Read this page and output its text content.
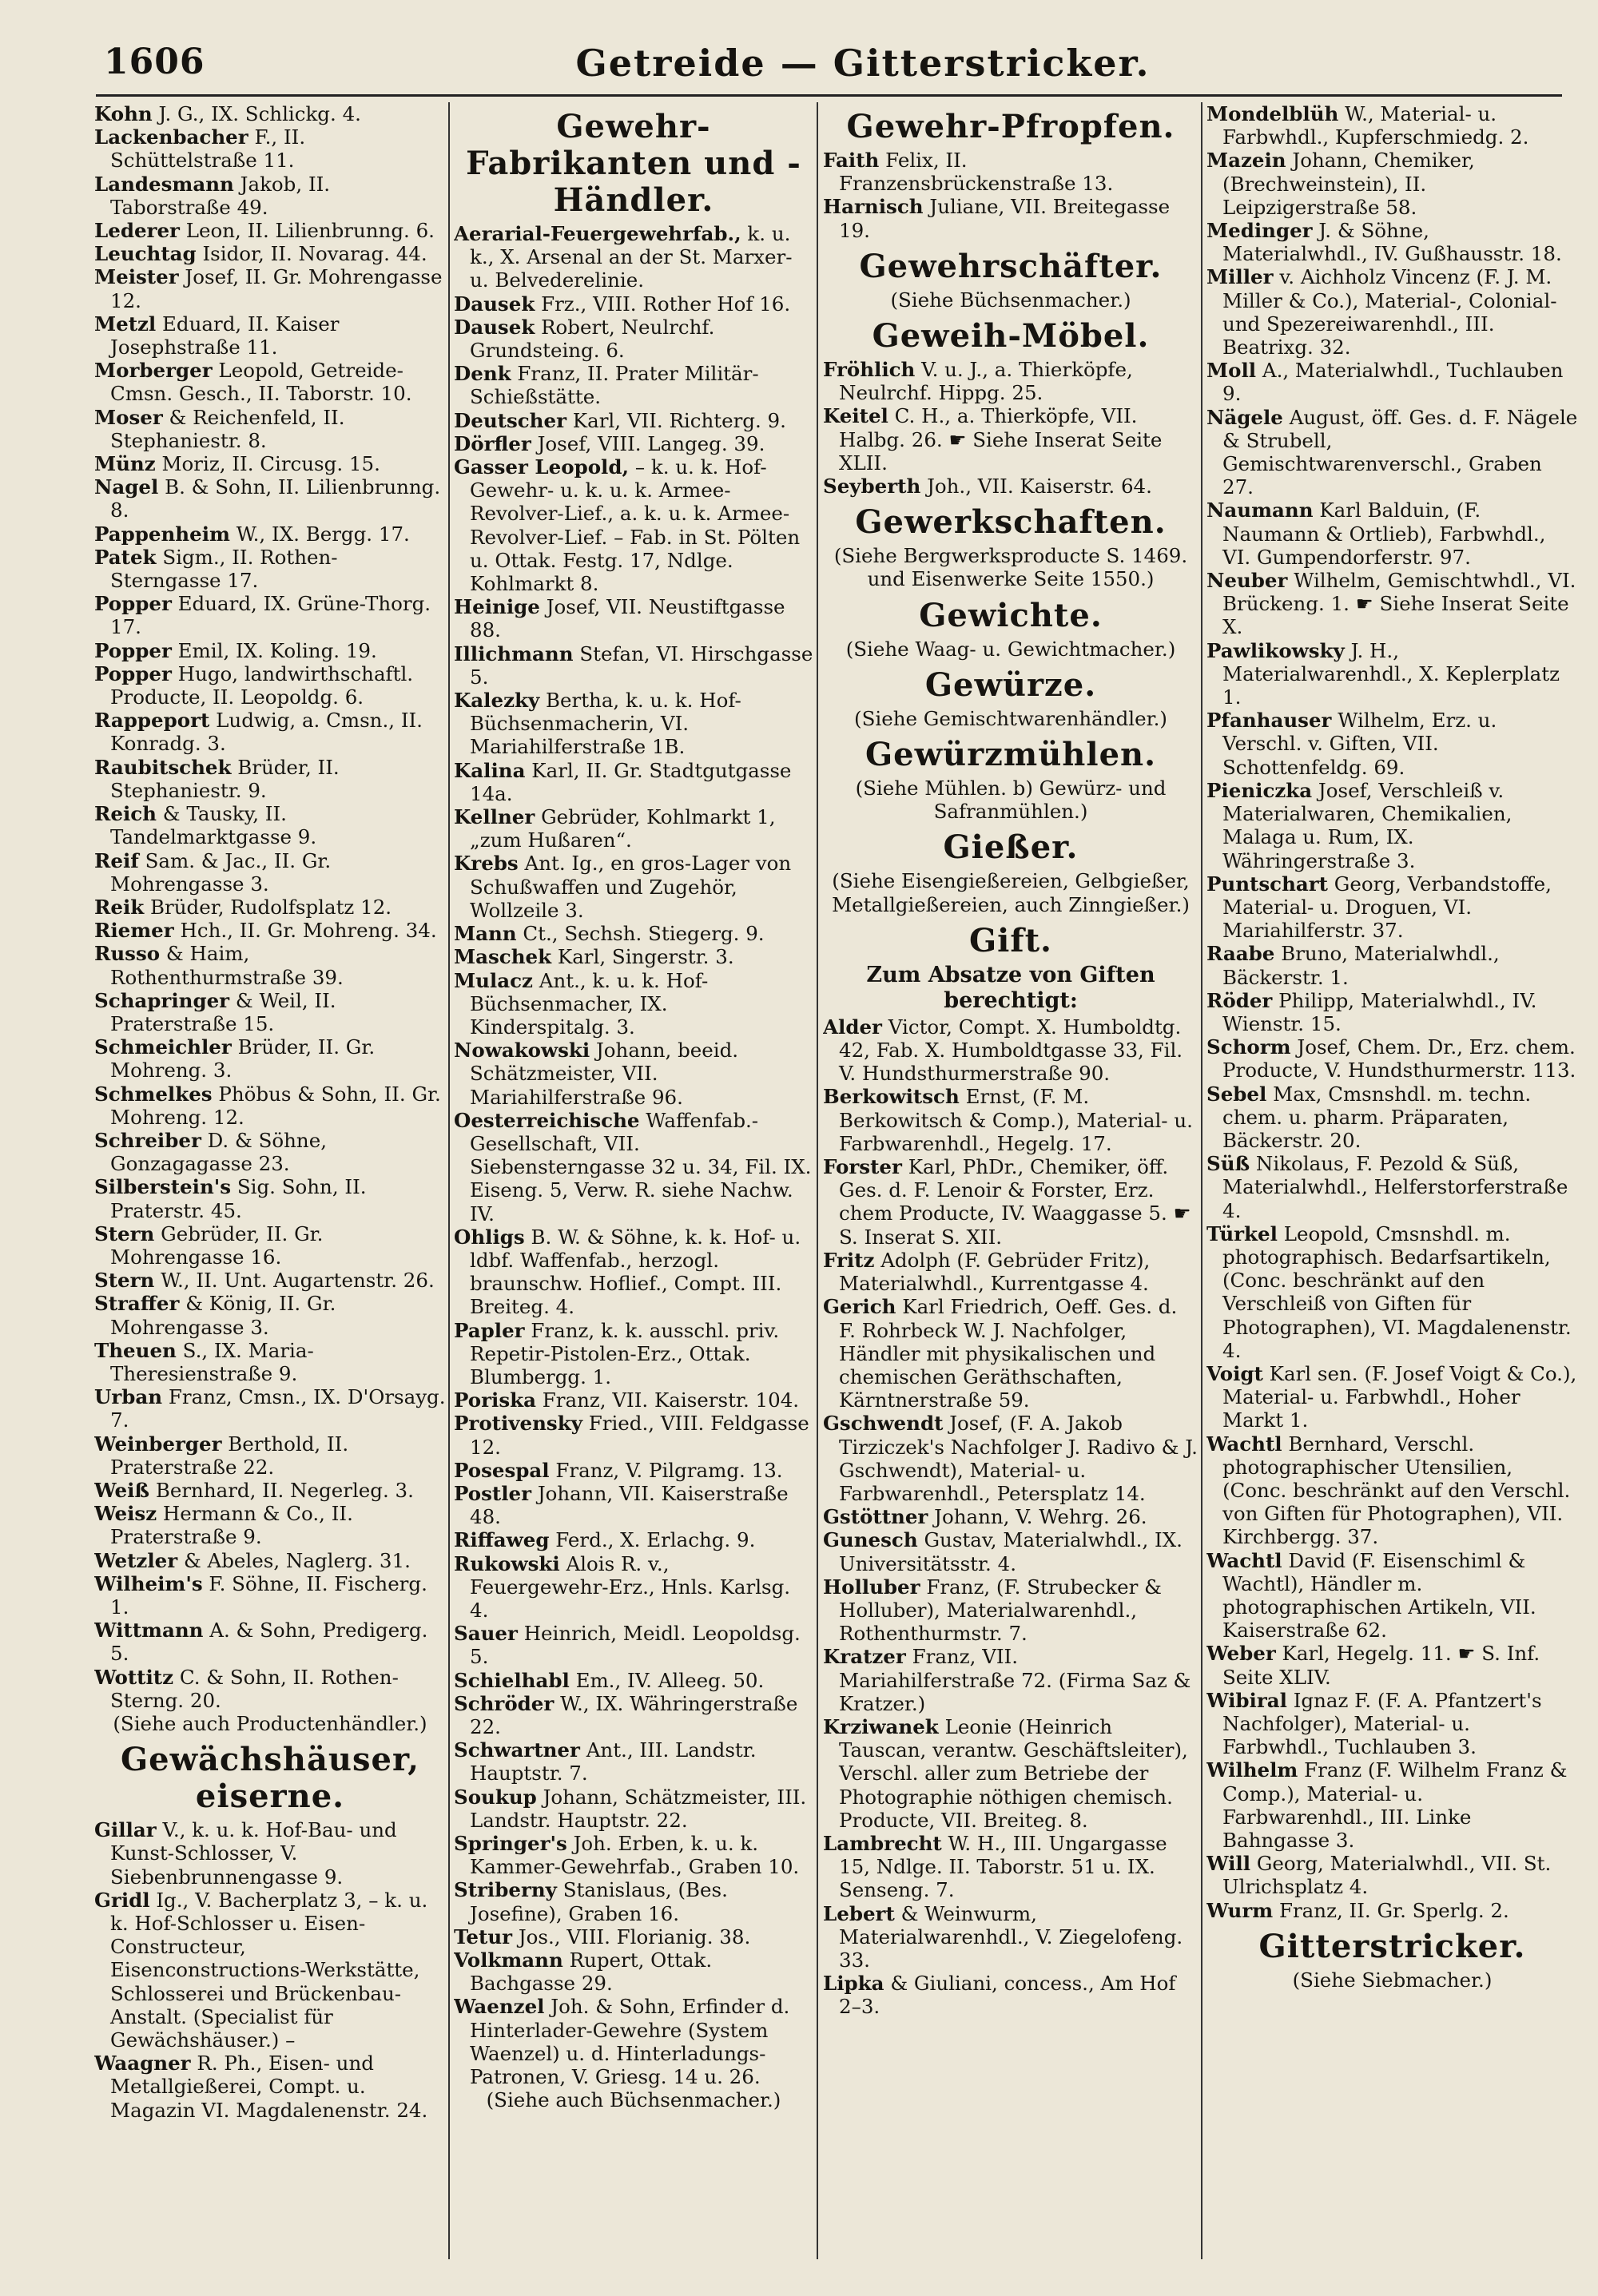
1606	Getreide — Gitterstricker.

Kohn J. G., IX. Schlickg. 4.

Lackenbacher F., II. Schüttelstraße 11.

Landesmann Jakob, II. Taborstraße 49.

Lederer Leon, II. Lilienbrunng. 6.

Leuchtag Isidor, II. Novarag. 44.

Meister Josef, II. Gr. Mohrengasse 12.

Metzl Eduard, II. Kaiser Josephstraße 11.

Morberger Leopold, Getreide-Cmsn. Gesch., II. Taborstr. 10.

Moser & Reichenfeld, II. Stephaniestr. 8.

Münz Moriz, II. Circusg. 15.

Nagel B. & Sohn, II. Lilienbrunng. 8.

Pappenheim W., IX. Bergg. 17.

Patek Sigm., II. Rothen-Sterngasse 17.

Popper Eduard, IX. Grüne-Thorg. 17.

Popper Emil, IX. Koling. 19.

Popper Hugo, landwirthschaftl. Producte, II. Leopoldg. 6.

Rappeport Ludwig, a. Cmsn., II. Konradg. 3.

Raubitschek Brüder, II. Stephaniestr. 9.

Reich & Tausky, II. Tandelmarktgasse 9.

Reif Sam. & Jac., II. Gr. Mohrengasse 3.

Reik Brüder, Rudolfsplatz 12.

Riemer Hch., II. Gr. Mohreng. 34.

Russo & Haim, Rothenthurmstraße 39.

Schapringer & Weil, II. Praterstraße 15.

Schmeichler Brüder, II. Gr. Mohreng. 3.

Schmelkes Phöbus & Sohn, II. Gr. Mohreng. 12.

Schreiber D. & Söhne, Gonzagagasse 23.

Silberstein's Sig. Sohn, II. Praterstr. 45.

Stern Gebrüder, II. Gr. Mohrengasse 16.

Stern W., II. Unt. Augartenstr. 26.

Straffer & König, II. Gr. Mohrengasse 3.

Theuen S., IX. Maria-Theresienstraße 9.

Urban Franz, Cmsn., IX. D'Orsayg. 7.

Weinberger Berthold, II. Praterstraße 22.

Weiß Bernhard, II. Negerleg. 3.

Weisz Hermann & Co., II. Praterstraße 9.

Wetzler & Abeles, Naglerg. 31.

Wilheim's F. Söhne, II. Fischerg. 1.

Wittmann A. & Sohn, Predigerg. 5.

Wottitz C. & Sohn, II. Rothen-Sterng. 20.

(Siehe auch Productenhändler.)
Gewächshäuser, eiserne.

Gillar V., k. u. k. Hof-Bau- und Kunst-Schlosser, V. Siebenbrunnengasse 9.

Gridl Ig., V. Bacherplatz 3, – k. u. k. Hof-Schlosser u. Eisen-Constructeur, Eisenconstructions-Werkstätte, Schlosserei und Brückenbau-Anstalt. (Specialist für Gewächshäuser.) –

Waagner R. Ph., Eisen- und Metallgießerei, Compt. u. Magazin VI. Magdalenenstr. 24.

Gewehr-Fabrikanten und -Händler.

Aerarial-Feuergewehrfab., k. u. k., X. Arsenal an der St. Marxer- u. Belvederelinie.

Dausek Frz., VIII. Rother Hof 16.

Dausek Robert, Neulrchf. Grundsteing. 6.

Denk Franz, II. Prater Militär-Schießstätte.

Deutscher Karl, VII. Richterg. 9.

Dörfler Josef, VIII. Langeg. 39.

Gasser Leopold, – k. u. k. Hof-Gewehr- u. k. u. k. Armee-Revolver-Lief., a. k. u. k. Armee-Revolver-Lief. – Fab. in St. Pölten u. Ottak. Festg. 17, Ndlge. Kohlmarkt 8.

Heinige Josef, VII. Neustiftgasse 88.

Illichmann Stefan, VI. Hirschgasse 5.

Kalezky Bertha, k. u. k. Hof-Büchsenmacherin, VI. Mariahilferstraße 1B.

Kalina Karl, II. Gr. Stadtgutgasse 14a.

Kellner Gebrüder, Kohlmarkt 1, „zum Hußaren“.

Krebs Ant. Ig., en gros-Lager von Schußwaffen und Zugehör, Wollzeile 3.

Mann Ct., Sechsh. Stiegerg. 9.

Maschek Karl, Singerstr. 3.

Mulacz Ant., k. u. k. Hof-Büchsenmacher, IX. Kinderspitalg. 3.

Nowakowski Johann, beeid. Schätzmeister, VII. Mariahilferstraße 96.

Oesterreichische Waffenfab.-Gesellschaft, VII. Siebensterngasse 32 u. 34, Fil. IX. Eiseng. 5, Verw. R. siehe Nachw. IV.

Ohligs B. W. & Söhne, k. k. Hof- u. ldbf. Waffenfab., herzogl. braunschw. Hoflief., Compt. III. Breiteg. 4.

Papler Franz, k. k. ausschl. priv. Repetir-Pistolen-Erz., Ottak. Blumbergg. 1.

Poriska Franz, VII. Kaiserstr. 104.

Protivensky Fried., VIII. Feldgasse 12.

Posespal Franz, V. Pilgramg. 13.

Postler Johann, VII. Kaiserstraße 48.

Riffaweg Ferd., X. Erlachg. 9.

Rukowski Alois R. v., Feuergewehr-Erz., Hnls. Karlsg. 4.

Sauer Heinrich, Meidl. Leopoldsg. 5.

Schielhabl Em., IV. Alleeg. 50.

Schröder W., IX. Währingerstraße 22.

Schwartner Ant., III. Landstr. Hauptstr. 7.

Soukup Johann, Schätzmeister, III. Landstr. Hauptstr. 22.

Springer's Joh. Erben, k. u. k. Kammer-Gewehrfab., Graben 10.

Striberny Stanislaus, (Bes. Josefine), Graben 16.

Tetur Jos., VIII. Florianig. 38.

Volkmann Rupert, Ottak. Bachgasse 29.

Waenzel Joh. & Sohn, Erfinder d. Hinterlader-Gewehre (System Waenzel) u. d. Hinterladungs-Patronen, V. Griesg. 14 u. 26.

(Siehe auch Büchsenmacher.)
Gewehr-Pfropfen.

Faith Felix, II. Franzensbrückenstraße 13.

Harnisch Juliane, VII. Breitegasse 19.

Gewehrschäfter.
(Siehe Büchsenmacher.)
Geweih-Möbel.

Fröhlich V. u. J., a. Thierköpfe, Neulrchf. Hippg. 25.

Keitel C. H., a. Thierköpfe, VII. Halbg. 26. ☛ Siehe Inserat Seite XLII.

Seyberth Joh., VII. Kaiserstr. 64.

Gewerkschaften.
(Siehe Bergwerksproducte S. 1469. und Eisenwerke Seite 1550.)
Gewichte.
(Siehe Waag- u. Gewichtmacher.)
Gewürze.
(Siehe Gemischtwarenhändler.)
Gewürzmühlen.
(Siehe Mühlen. b) Gewürz- und Safranmühlen.)
Gießer.
(Siehe Eisengießereien, Gelbgießer, Metallgießereien, auch Zinngießer.)
Gift.
Zum Absatze von Giften berechtigt:

Alder Victor, Compt. X. Humboldtg. 42, Fab. X. Humboldtgasse 33, Fil. V. Hundsthurmerstraße 90.

Berkowitsch Ernst, (F. M. Berkowitsch & Comp.), Material- u. Farbwarenhdl., Hegelg. 17.

Forster Karl, PhDr., Chemiker, öff. Ges. d. F. Lenoir & Forster, Erz. chem Producte, IV. Waaggasse 5. ☛ S. Inserat S. XII.

Fritz Adolph (F. Gebrüder Fritz), Materialwhdl., Kurrentgasse 4.

Gerich Karl Friedrich, Oeff. Ges. d. F. Rohrbeck W. J. Nachfolger, Händler mit physikalischen und chemischen Geräthschaften, Kärntnerstraße 59.

Gschwendt Josef, (F. A. Jakob Tirziczek's Nachfolger J. Radivo & J. Gschwendt), Material- u. Farbwarenhdl., Petersplatz 14.

Gstöttner Johann, V. Wehrg. 26.

Gunesch Gustav, Materialwhdl., IX. Universitätsstr. 4.

Holluber Franz, (F. Strubecker & Holluber), Materialwarenhdl., Rothenthurmstr. 7.

Kratzer Franz, VII. Mariahilferstraße 72. (Firma Saz & Kratzer.)

Krziwanek Leonie (Heinrich Tauscan, verantw. Geschäftsleiter), Verschl. aller zum Betriebe der Photographie nöthigen chemisch. Producte, VII. Breiteg. 8.

Lambrecht W. H., III. Ungargasse 15, Ndlge. II. Taborstr. 51 u. IX. Senseng. 7.

Lebert & Weinwurm, Materialwarenhdl., V. Ziegelofeng. 33.

Lipka & Giuliani, concess., Am Hof 2–3.

Mondelblüh W., Material- u. Farbwhdl., Kupferschmiedg. 2.

Mazein Johann, Chemiker, (Brechweinstein), II. Leipzigerstraße 58.

Medinger J. & Söhne, Materialwhdl., IV. Gußhausstr. 18.

Miller v. Aichholz Vincenz (F. J. M. Miller & Co.), Material-, Colonial- und Spezereiwarenhdl., III. Beatrixg. 32.

Moll A., Materialwhdl., Tuchlauben 9.

Nägele August, öff. Ges. d. F. Nägele & Strubell, Gemischtwarenverschl., Graben 27.

Naumann Karl Balduin, (F. Naumann & Ortlieb), Farbwhdl., VI. Gumpendorferstr. 97.

Neuber Wilhelm, Gemischtwhdl., VI. Brückeng. 1. ☛ Siehe Inserat Seite X.

Pawlikowsky J. H., Materialwarenhdl., X. Keplerplatz 1.

Pfanhauser Wilhelm, Erz. u. Verschl. v. Giften, VII. Schottenfeldg. 69.

Pieniczka Josef, Verschleiß v. Materialwaren, Chemikalien, Malaga u. Rum, IX. Währingerstraße 3.

Puntschart Georg, Verbandstoffe, Material- u. Droguen, VI. Mariahilferstr. 37.

Raabe Bruno, Materialwhdl., Bäckerstr. 1.

Röder Philipp, Materialwhdl., IV. Wienstr. 15.

Schorm Josef, Chem. Dr., Erz. chem. Producte, V. Hundsthurmerstr. 113.

Sebel Max, Cmsnshdl. m. techn. chem. u. pharm. Präparaten, Bäckerstr. 20.

Süß Nikolaus, F. Pezold & Süß, Materialwhdl., Helferstorferstraße 4.

Türkel Leopold, Cmsnshdl. m. photographisch. Bedarfsartikeln, (Conc. beschränkt auf den Verschleiß von Giften für Photographen), VI. Magdalenenstr. 4.

Voigt Karl sen. (F. Josef Voigt & Co.), Material- u. Farbwhdl., Hoher Markt 1.

Wachtl Bernhard, Verschl. photographischer Utensilien, (Conc. beschränkt auf den Verschl. von Giften für Photographen), VII. Kirchbergg. 37.

Wachtl David (F. Eisenschiml & Wachtl), Händler m. photographischen Artikeln, VII. Kaiserstraße 62.

Weber Karl, Hegelg. 11. ☛ S. Inf. Seite XLIV.

Wibiral Ignaz F. (F. A. Pfantzert's Nachfolger), Material- u. Farbwhdl., Tuchlauben 3.

Wilhelm Franz (F. Wilhelm Franz & Comp.), Material- u. Farbwarenhdl., III. Linke Bahngasse 3.

Will Georg, Materialwhdl., VII. St. Ulrichsplatz 4.

Wurm Franz, II. Gr. Sperlg. 2.

Gitterstricker.
(Siehe Siebmacher.)
